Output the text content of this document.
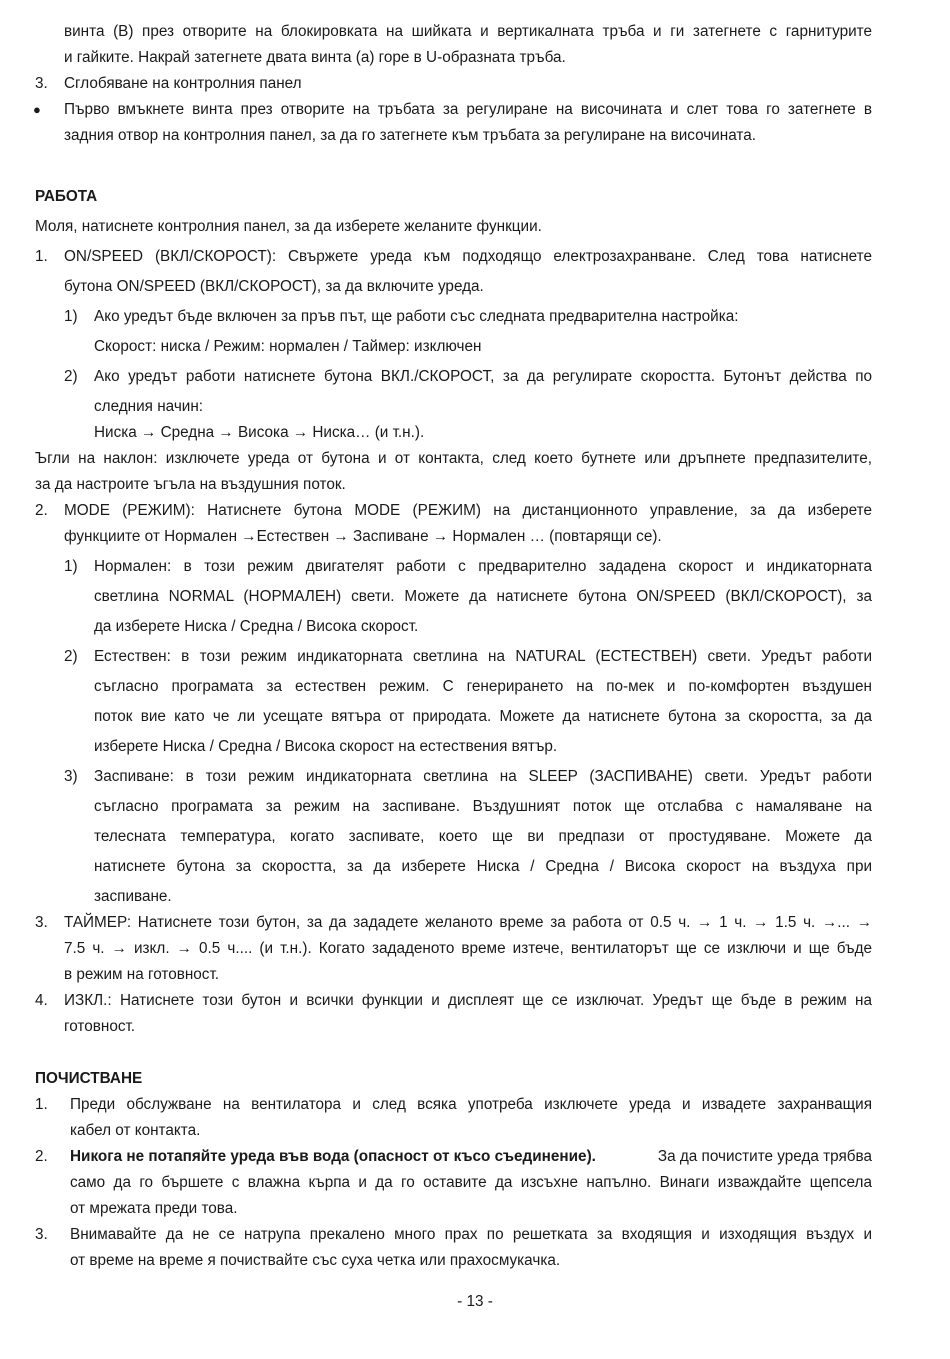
винта (B) през отворите на блокировката на шийката и вертикалната тръба и ги затегнете с гарнитурите
и гайките. Накрай затегнете двата винта (a) горе в U-образната тръба.
3. Сглобяване на контролния панел
● Първо вмъкнете винта през отворите на тръбата за регулиране на височината и слет това го затегнете в
задния отвор на контролния панел, за да го затегнете към тръбата за регулиране на височината.
РАБОТА
Моля, натиснете контролния панел, за да изберете желаните функции.
1. ON/SPEED (ВКЛ/СКОРОСТ): Свържете уреда към подходящо електрозахранване. След това натиснете
бутона ON/SPEED (ВКЛ/СКОРОСТ), за да включите уреда.
1) Ако уредът бъде включен за пръв път, ще работи със следната предварителна настройка:
Скорост: ниска / Режим: нормален / Таймер: изключен
2) Ако уредът работи натиснете бутона ВКЛ./СКОРОСТ, за да регулирате скоростта. Бутонът действа по
следния начин:
Ниска → Средна → Висока → Ниска… (и т.н.).
Ъгли на наклон: изключете уреда от бутона и от контакта, след което бутнете или дръпнете предпазителите,
за да настроите ъгъла на въздушния поток.
2. MODE (РЕЖИМ): Натиснете бутона MODE (РЕЖИМ) на дистанционното управление, за да изберете
функциите от Нормален →Естествен → Заспиване → Нормален … (повтарящи се).
1) Нормален: в този режим двигателят работи с предварително зададена скорост и индикаторната
светлина NORMAL (НОРМАЛЕН) свети. Можете да натиснете бутона ON/SPEED (ВКЛ/СКОРОСТ), за
да изберете Ниска / Средна / Висока скорост.
2) Естествен: в този режим индикаторната светлина на NATURAL (ЕСТЕСТВЕН) свети. Уредът работи
съгласно програмата за естествен режим. С генерирането на по-мек и по-комфортен въздушен
поток вие като че ли усещате вятъра от природата. Можете да натиснете бутона за скоростта, за да
изберете Ниска / Средна / Висока скорост на естествения вятър.
3) Заспиване: в този режим индикаторната светлина на SLEEP (ЗАСПИВАНЕ) свети. Уредът работи
съгласно програмата за режим на заспиване. Въздушният поток ще отслабва с намаляване на
телесната температура, когато заспивате, което ще ви предпази от простудяване. Можете да
натиснете бутона за скоростта, за да изберете Ниска / Средна / Висока скорост на въздуха при
заспиване.
3. ТАЙМЕР: Натиснете този бутон, за да зададете желаното време за работа от 0.5 ч. → 1 ч. → 1.5 ч. →... →
7.5 ч. → изкл. → 0.5 ч.... (и т.н.). Когато зададеното време изтече, вентилаторът ще се изключи и ще бъде
в режим на готовност.
4. ИЗКЛ.: Натиснете този бутон и всички функции и дисплеят ще се изключат. Уредът ще бъде в режим на
готовност.
ПОЧИСТВАНЕ
1. Преди обслужване на вентилатора и след всяка употреба изключете уреда и извадете захранващия
кабел от контакта.
2. Никога не потапяйте уреда във вода (опасност от късо съединение).	За да почистите уреда трябва
само да го бършете с влажна кърпа и да го оставите да изсъхне напълно. Винаги изваждайте щепсела
от мрежата преди това.
3. Внимавайте да не се натрупа прекалено много прах по решетката за входящия и изходящия въздух и
от време на време я почиствайте със суха четка или прахосмукачка.
- 13 -
